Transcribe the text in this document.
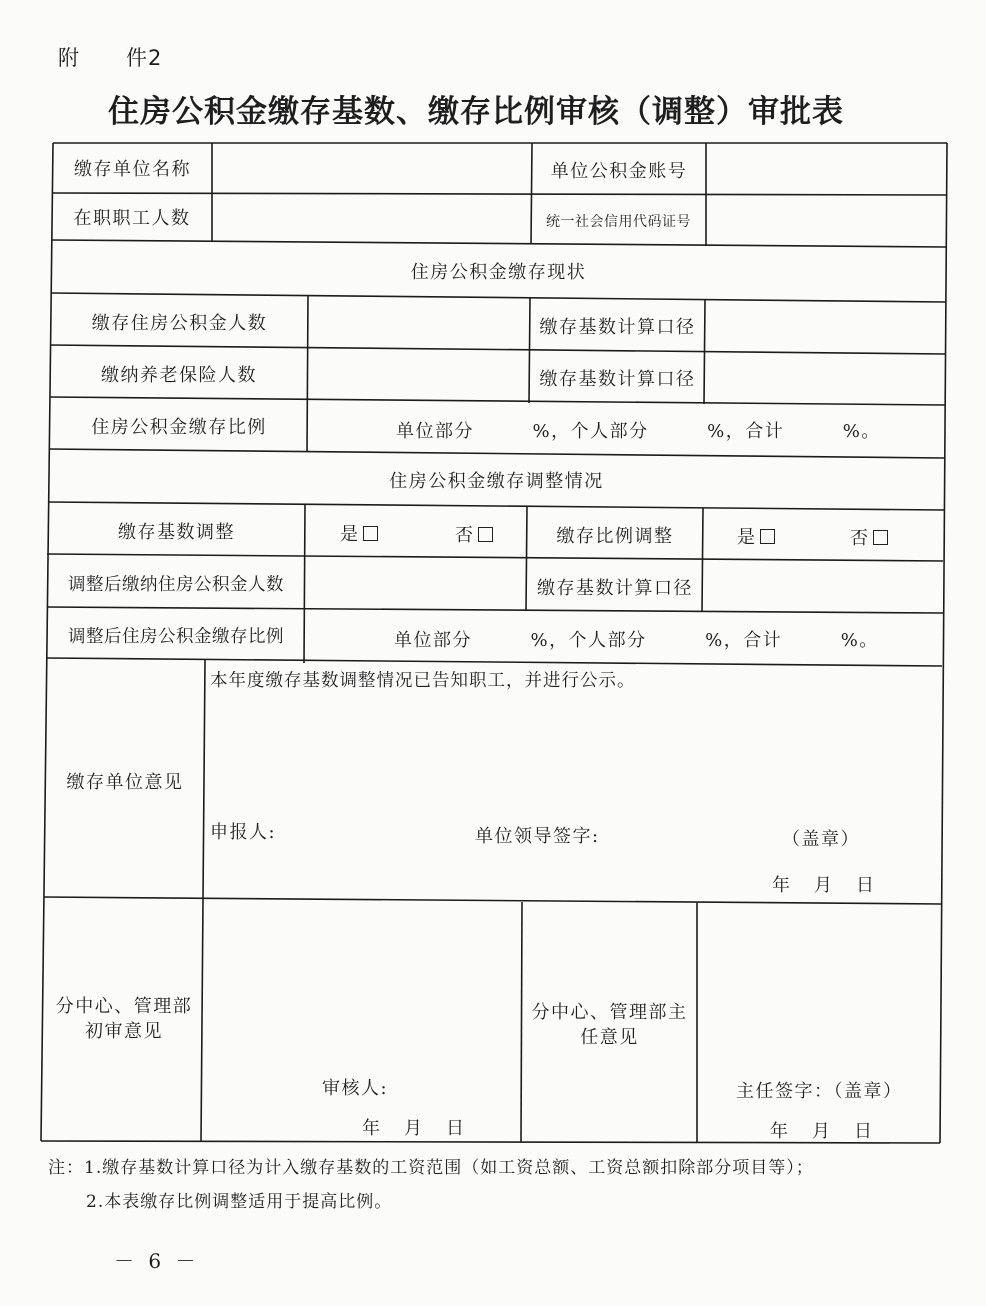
附 件2
住房公积金缴存基数、缴存比例审核（调整）审批表
缴存单位名称	单位公积金账号
在职职工人数	统一社会信用代码证号
住房公积金缴存现状
缴存住房公积金人数	缴存基数计算口径
缴纳养老保险人数	缴存基数计算口径
住房公积金缴存比例	单位部分　　　%，个人部分　　　%，合计　　　%。
住房公积金缴存调整情况
缴存基数调整	是	否	缴存比例调整	是	否
调整后缴纳住房公积金人数	缴存基数计算口径
调整后住房公积金缴存比例	单位部分　　　%，个人部分　　　%，合计　　　%。
缴存单位意见
本年度缴存基数调整情况已告知职工，并进行公示。
申报人:	单位领导签字:	（盖章）
年　月　日
分中心、管理部
初审意见
审核人:
年　月　日
分中心、管理部主
任意见
主任签字：（盖章）
年　月　日
注：1.缴存基数计算口径为计入缴存基数的工资范围（如工资总额、工资总额扣除部分项目等）；
2.本表缴存比例调整适用于提高比例。
－ 6 －
